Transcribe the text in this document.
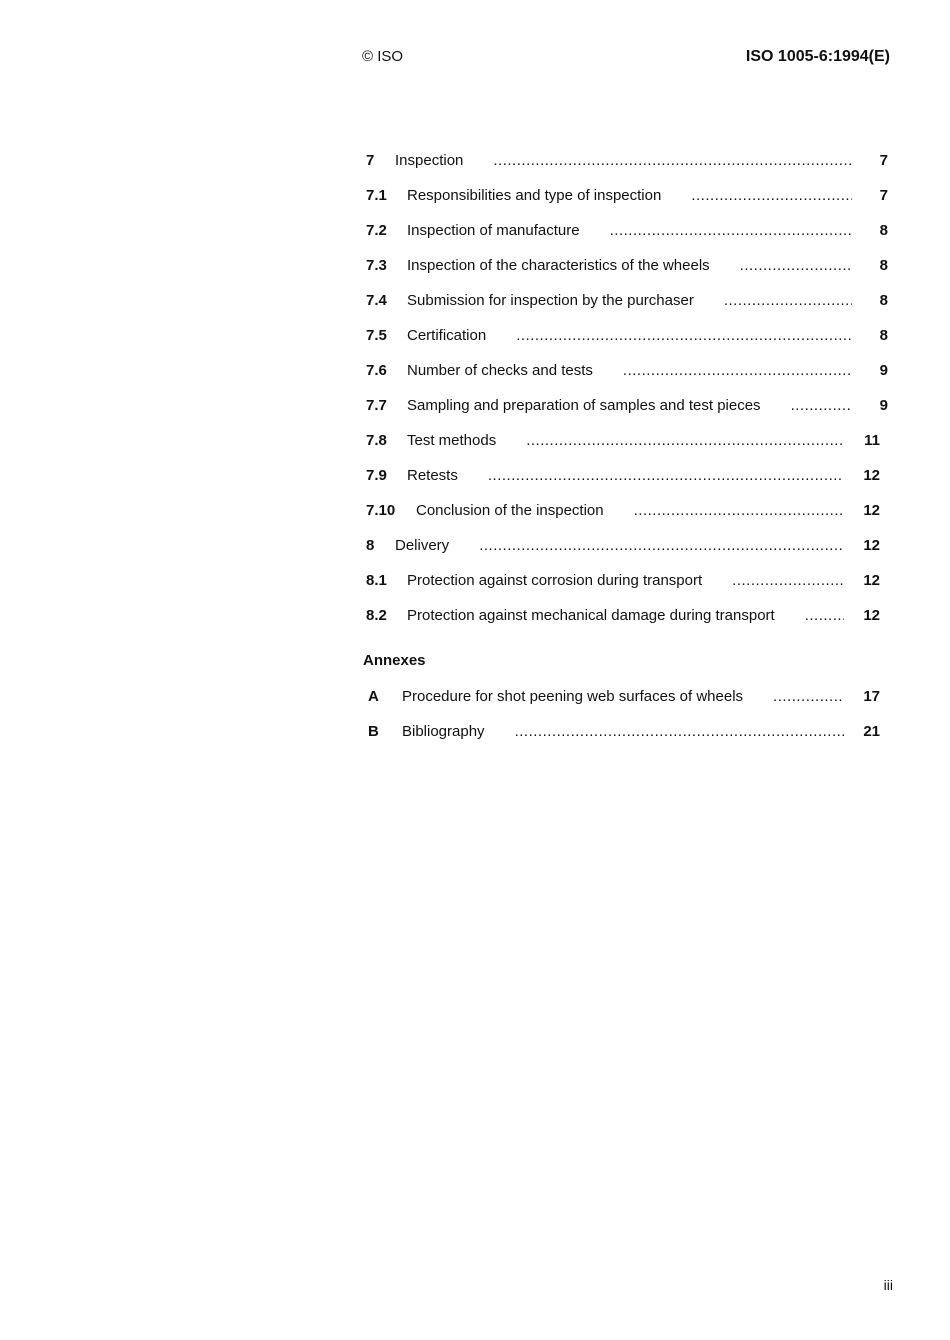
© ISO	ISO 1005-6:1994(E)
7	Inspection .....	7
7.1	Responsibilities and type of inspection .....	7
7.2	Inspection of manufacture .....	8
7.3	Inspection of the characteristics of the wheels .....	8
7.4	Submission for inspection by the purchaser .....	8
7.5	Certification .....	8
7.6	Number of checks and tests .....	9
7.7	Sampling and preparation of samples and test pieces .....	9
7.8	Test methods .....	11
7.9	Retests .....	12
7.10	Conclusion of the inspection .....	12
8	Delivery .....	12
8.1	Protection against corrosion during transport .....	12
8.2	Protection against mechanical damage during transport .....	12
Annexes
A	Procedure for shot peening web surfaces of wheels .....	17
B	Bibliography .....	21
iii
